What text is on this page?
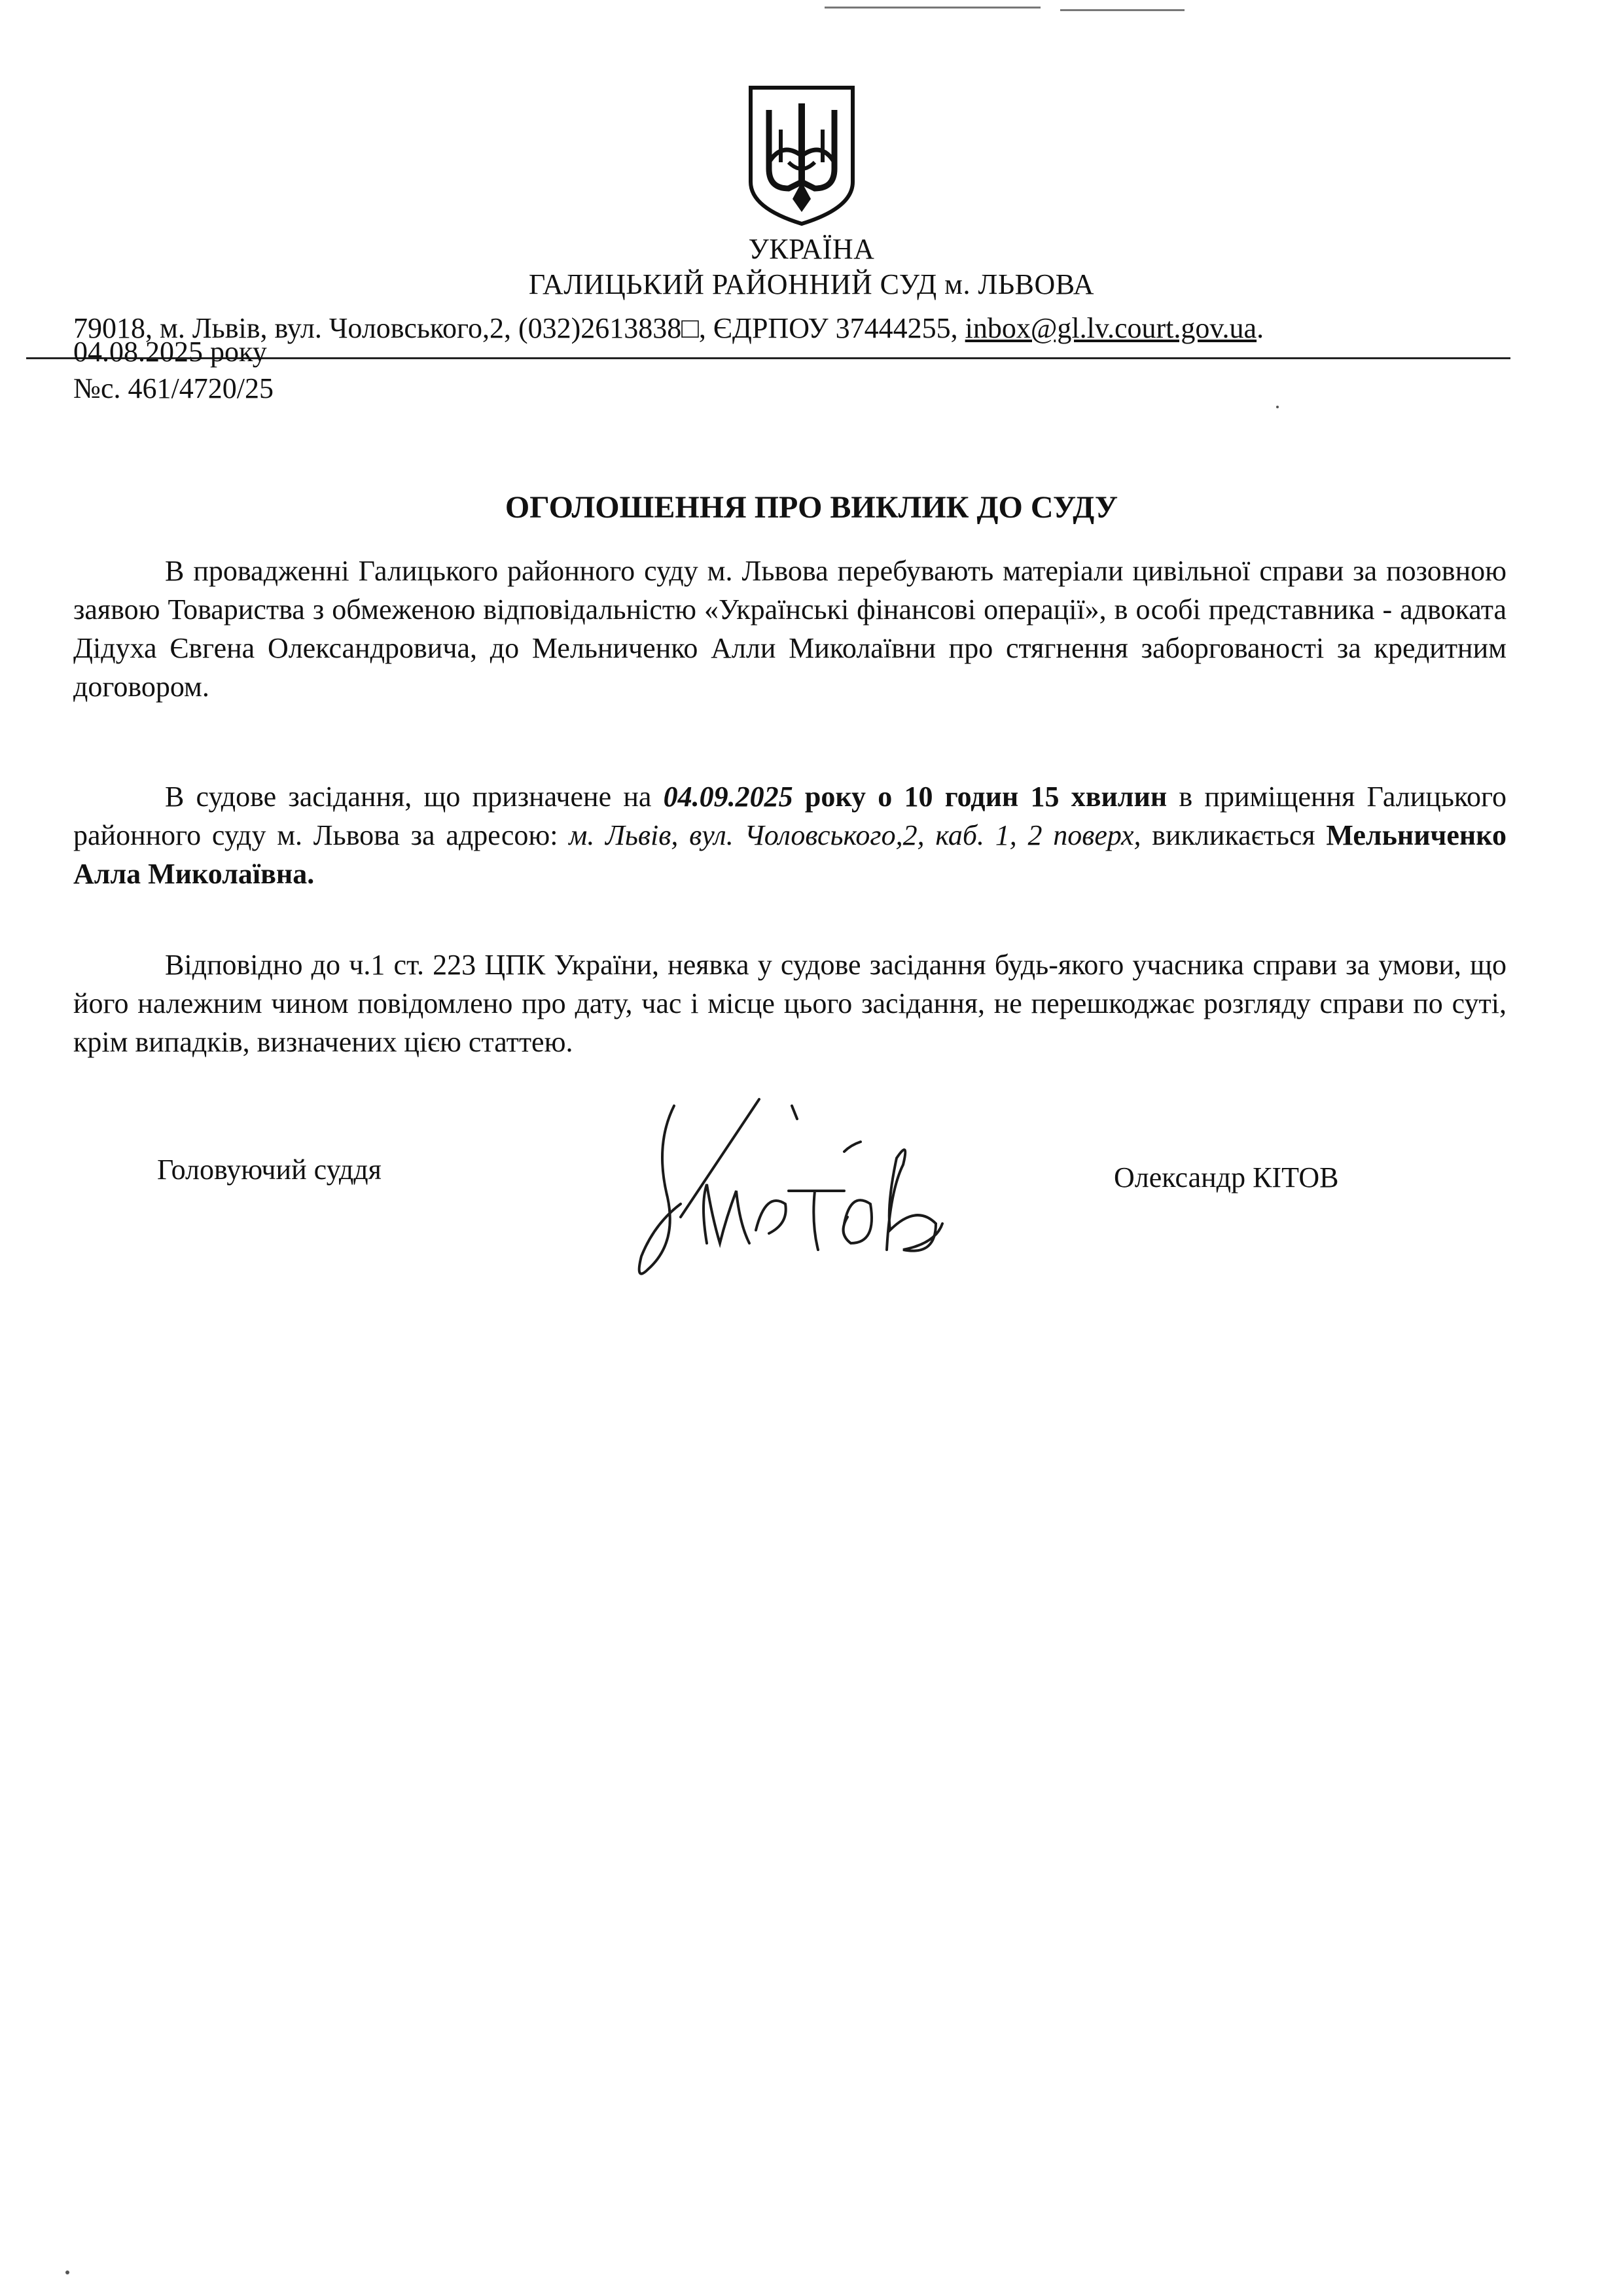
УКРАЇНА
ГАЛИЦЬКИЙ РАЙОННИЙ СУД м. ЛЬВОВА
79018, м. Львів, вул. Чоловського,2, (032)2613838□, ЄДРПОУ 37444255, inbox@gl.lv.court.gov.ua.
04.08.2025 року
№с. 461/4720/25
ОГОЛОШЕННЯ ПРО ВИКЛИК ДО СУДУ
В провадженні Галицького районного суду м. Львова перебувають матеріали цивільної справи за позовною заявою Товариства з обмеженою відповідальністю «Українські фінансові операції», в особі представника - адвоката Дідуха Євгена Олександровича, до Мельниченко Алли Миколаївни про стягнення заборгованості за кредитним договором.
В судове засідання, що призначене на 04.09.2025 року о 10 годин 15 хвилин в приміщення Галицького районного суду м. Львова за адресою: м. Львів, вул. Чоловського,2, каб. 1, 2 поверх, викликається Мельниченко Алла Миколаївна.
Відповідно до ч.1 ст. 223 ЦПК України, неявка у судове засідання будь-якого учасника справи за умови, що його належним чином повідомлено про дату, час і місце цього засідання, не перешкоджає розгляду справи по суті, крім випадків, визначених цією статтею.
Головуючий суддя	Олександр КІТОВ
